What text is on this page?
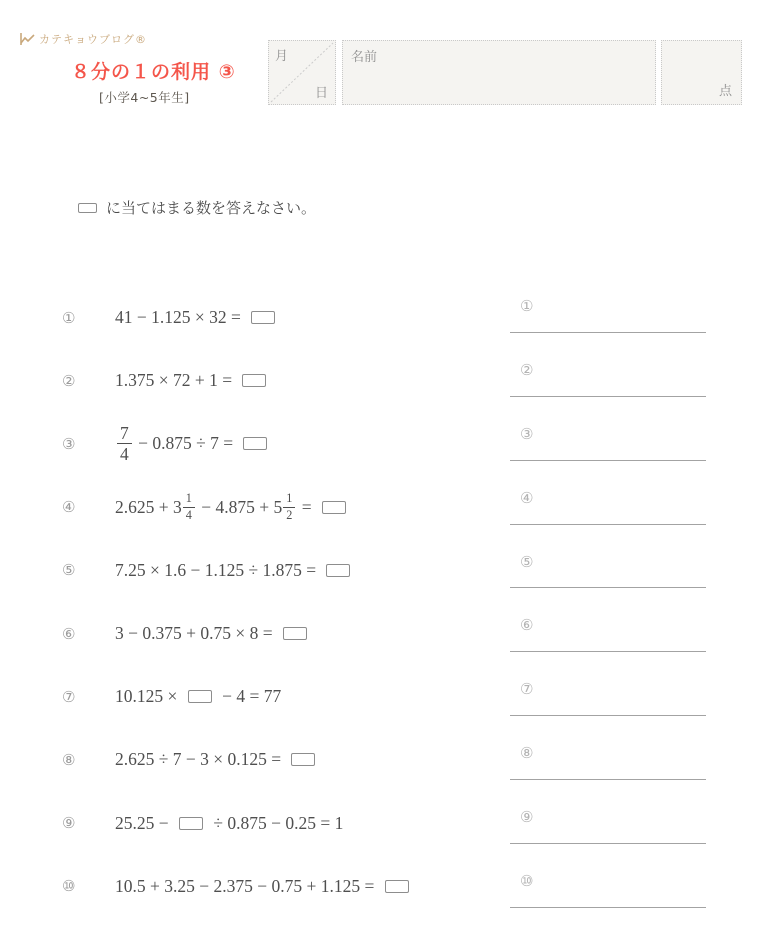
カテキョウブログ®
８分の１の利用 ③
[小学4~5年生]
月
日
名前
点
に当てはまる数を答えなさい。
①	41 − 1.125 × 32 =
②	1.375 × 72 + 1 =
③	$\frac{7}{4} - 0.875 \div 7$ =
④	$2.625 + 3 \frac{1}{4} - 4.875 + 5 \frac{1}{2}$ =
⑤	7.25 × 1.6 − 1.125 ÷ 1.875 =
⑥	3 − 0.375 + 0.75 × 8 =
⑦	10.125 × − 4 = 77
⑧	2.625 ÷ 7 − 3 × 0.125 =
⑨	25.25 − ÷ 0.875 − 0.25 = 1
⑩	10.5 + 3.25 − 2.375 − 0.75 + 1.125 =
①
②
③
④
⑤
⑥
⑦
⑧
⑨
⑩
